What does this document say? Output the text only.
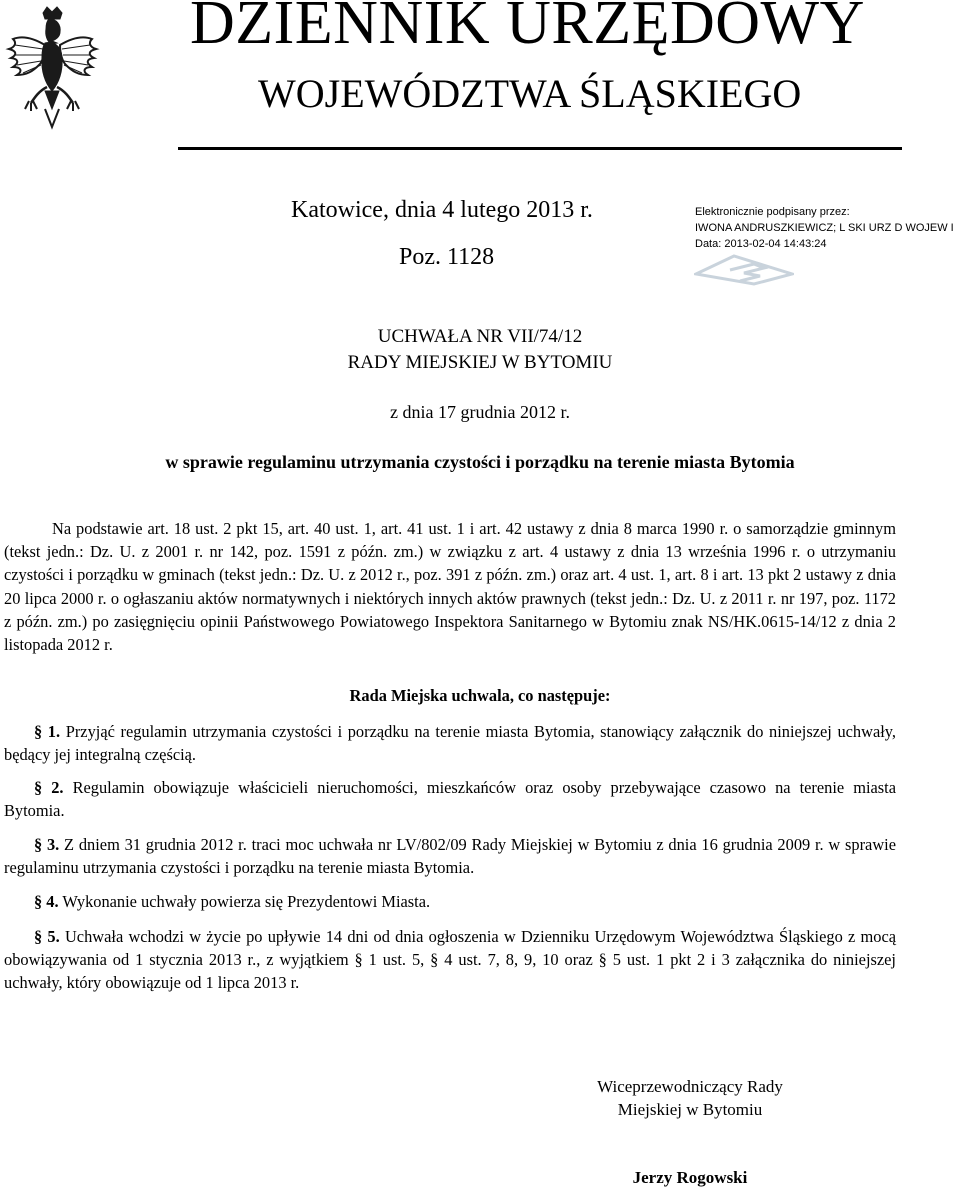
DZIENNIK URZĘDOWY
WOJEWÓDZTWA ŚLĄSKIEGO
Katowice, dnia 4 lutego 2013 r.
Poz. 1128
Elektronicznie podpisany przez:
IWONA ANDRUSZKIEWICZ; L SKI URZ D WOJEW I
Data: 2013-02-04 14:43:24
UCHWAŁA NR VII/74/12
RADY MIEJSKIEJ W BYTOMIU
z dnia 17 grudnia 2012 r.
w sprawie regulaminu utrzymania czystości i porządku na terenie miasta Bytomia
Na podstawie art. 18 ust. 2 pkt 15, art. 40 ust. 1, art. 41 ust. 1 i art. 42 ustawy z dnia 8 marca 1990 r. o samorządzie gminnym (tekst jedn.: Dz. U. z 2001 r. nr 142, poz. 1591 z późn. zm.) w związku z art. 4 ustawy z dnia 13 września 1996 r. o utrzymaniu czystości i porządku w gminach (tekst jedn.: Dz. U. z 2012 r., poz. 391 z późn. zm.) oraz art. 4 ust. 1, art. 8 i art. 13 pkt 2 ustawy z dnia 20 lipca 2000 r. o ogłaszaniu aktów normatywnych i niektórych innych aktów prawnych (tekst jedn.: Dz. U. z 2011 r. nr 197, poz. 1172 z późn. zm.) po zasięgnięciu opinii Państwowego Powiatowego Inspektora Sanitarnego w Bytomiu znak NS/HK.0615-14/12 z dnia 2 listopada 2012 r.
Rada Miejska uchwala, co następuje:
§ 1. Przyjąć regulamin utrzymania czystości i porządku na terenie miasta Bytomia, stanowiący załącznik do niniejszej uchwały, będący jej integralną częścią.
§ 2. Regulamin obowiązuje właścicieli nieruchomości, mieszkańców oraz osoby przebywające czasowo na terenie miasta Bytomia.
§ 3. Z dniem 31 grudnia 2012 r. traci moc uchwała nr LV/802/09 Rady Miejskiej w Bytomiu z dnia 16 grudnia 2009 r. w sprawie regulaminu utrzymania czystości i porządku na terenie miasta Bytomia.
§ 4. Wykonanie uchwały powierza się Prezydentowi Miasta.
§ 5. Uchwała wchodzi w życie po upływie 14 dni od dnia ogłoszenia w Dzienniku Urzędowym Województwa Śląskiego z mocą obowiązywania od 1 stycznia 2013 r., z wyjątkiem § 1 ust. 5, § 4 ust. 7, 8, 9, 10 oraz § 5 ust. 1 pkt 2 i 3 załącznika do niniejszej uchwały, który obowiązuje od 1 lipca 2013 r.
Wiceprzewodniczący Rady
Miejskiej w Bytomiu
Jerzy Rogowski
